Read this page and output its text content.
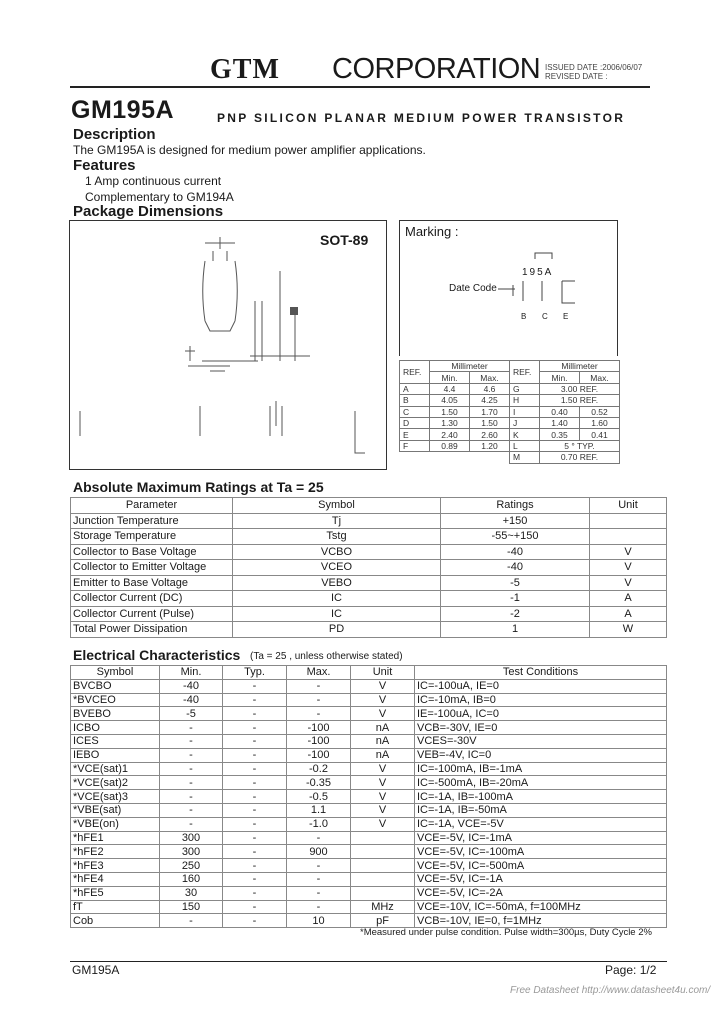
GTM CORPORATION ISSUED DATE :2006/06/07
REVISED DATE :
GM195A	PNP SILICON PLANAR MEDIUM POWER TRANSISTOR
Description
The GM195A is designed for medium power amplifier applications.
Features
1 Amp continuous current
Complementary to GM194A
Package Dimensions
SOT-89
Marking :
195A
Date Code
B C E
REF.	Millimeter		REF.	Millimeter	
	Min.	Max.		Min.	Max.
A	4.4	4.6	G	3.00 REF.	
B	4.05	4.25	H	1.50 REF.	
C	1.50	1.70	I	0.40	0.52
D	1.30	1.50	J	1.40	1.60
E	2.40	2.60	K	0.35	0.41
F	0.89	1.20	L	5 ° TYP.	
			M	0.70 REF.	
Absolute Maximum Ratings at Ta = 25
Parameter	Symbol	Ratings	Unit
Junction Temperature	Tj	+150	
Storage Temperature	Tstg	-55~+150	
Collector to Base Voltage	VCBO	-40	V
Collector to Emitter Voltage	VCEO	-40	V
Emitter to Base Voltage	VEBO	-5	V
Collector Current (DC)	IC	-1	A
Collector Current (Pulse)	IC	-2	A
Total Power Dissipation	PD	1	W
Electrical Characteristics (Ta = 25 , unless otherwise stated)
Symbol	Min.	Typ.	Max.	Unit	Test Conditions
BVCBO	-40	-	-	V	IC=-100uA, IE=0
*BVCEO	-40	-	-	V	IC=-10mA, IB=0
BVEBO	-5	-	-	V	IE=-100uA, IC=0
ICBO	-	-	-100	nA	VCB=-30V, IE=0
ICES	-	-	-100	nA	VCES=-30V
IEBO	-	-	-100	nA	VEB=-4V, IC=0
*VCE(sat)1	-	-	-0.2	V	IC=-100mA, IB=-1mA
*VCE(sat)2	-	-	-0.35	V	IC=-500mA, IB=-20mA
*VCE(sat)3	-	-	-0.5	V	IC=-1A, IB=-100mA
*VBE(sat)	-	-	1.1	V	IC=-1A, IB=-50mA
*VBE(on)	-	-	-1.0	V	IC=-1A, VCE=-5V
*hFE1	300	-	-		VCE=-5V, IC=-1mA
*hFE2	300	-	900		VCE=-5V, IC=-100mA
*hFE3	250	-	-		VCE=-5V, IC=-500mA
*hFE4	160	-	-		VCE=-5V, IC=-1A
*hFE5	30	-	-		VCE=-5V, IC=-2A
fT	150	-	-	MHz	VCE=-10V, IC=-50mA, f=100MHz
Cob	-	-	10	pF	VCB=-10V, IE=0, f=1MHz
*Measured under pulse condition. Pulse width=300µs, Duty Cycle 2%
GM195A	Page: 1/2
Free Datasheet http://www.datasheet4u.com/
